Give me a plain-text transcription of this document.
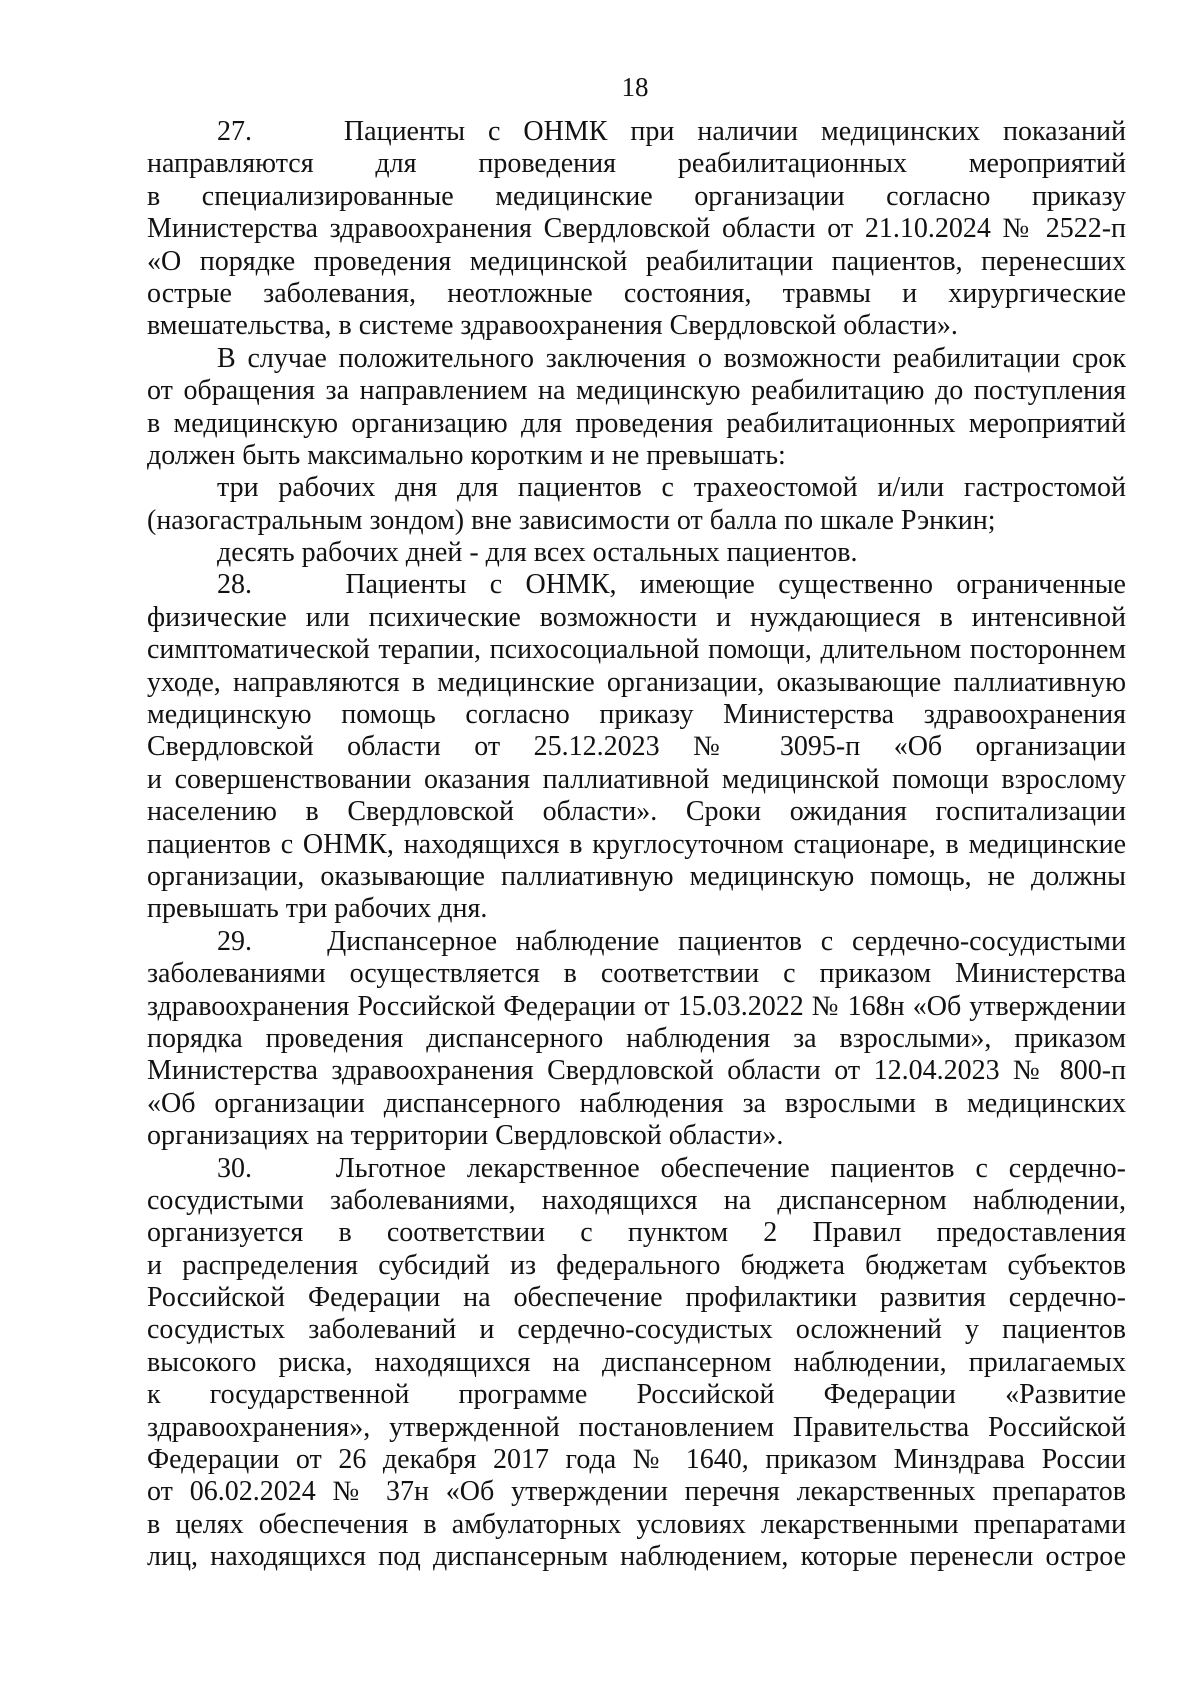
18
27.    Пациенты с ОНМК при наличии медицинских показаний
направляются для проведения реабилитационных мероприятий
в специализированные медицинские организации согласно приказу
Министерства здравоохранения Свердловской области от 21.10.2024 № 2522-п
«О порядке проведения медицинской реабилитации пациентов, перенесших
острые заболевания, неотложные состояния, травмы и хирургические
вмешательства, в системе здравоохранения Свердловской области».
В случае положительного заключения о возможности реабилитации срок
от обращения за направлением на медицинскую реабилитацию до поступления
в медицинскую организацию для проведения реабилитационных мероприятий
должен быть максимально коротким и не превышать:
три рабочих дня для пациентов с трахеостомой и/или гастростомой
(назогастральным зондом) вне зависимости от балла по шкале Рэнкин;
десять рабочих дней - для всех остальных пациентов.
28.    Пациенты с ОНМК, имеющие существенно ограниченные
физические или психические возможности и нуждающиеся в интенсивной
симптоматической терапии, психосоциальной помощи, длительном постороннем
уходе, направляются в медицинские организации, оказывающие паллиативную
медицинскую помощь согласно приказу Министерства здравоохранения
Свердловской области от 25.12.2023 № 3095-п «Об организации
и совершенствовании оказания паллиативной медицинской помощи взрослому
населению в Свердловской области». Сроки ожидания госпитализации
пациентов с ОНМК, находящихся в круглосуточном стационаре, в медицинские
организации, оказывающие паллиативную медицинскую помощь, не должны
превышать три рабочих дня.
29.    Диспансерное наблюдение пациентов с сердечно-сосудистыми
заболеваниями осуществляется в соответствии с приказом Министерства
здравоохранения Российской Федерации от 15.03.2022 № 168н «Об утверждении
порядка проведения диспансерного наблюдения за взрослыми», приказом
Министерства здравоохранения Свердловской области от 12.04.2023 № 800-п
«Об организации диспансерного наблюдения за взрослыми в медицинских
организациях на территории Свердловской области».
30.    Льготное лекарственное обеспечение пациентов с сердечно-
сосудистыми заболеваниями, находящихся на диспансерном наблюдении,
организуется в соответствии с пунктом 2 Правил предоставления
и распределения субсидий из федерального бюджета бюджетам субъектов
Российской Федерации на обеспечение профилактики развития сердечно-
сосудистых заболеваний и сердечно-сосудистых осложнений у пациентов
высокого риска, находящихся на диспансерном наблюдении, прилагаемых
к государственной программе Российской Федерации «Развитие
здравоохранения», утвержденной постановлением Правительства Российской
Федерации от 26 декабря 2017 года № 1640, приказом Минздрава России
от 06.02.2024 № 37н «Об утверждении перечня лекарственных препаратов
в целях обеспечения в амбулаторных условиях лекарственными препаратами
лиц, находящихся под диспансерным наблюдением, которые перенесли острое
